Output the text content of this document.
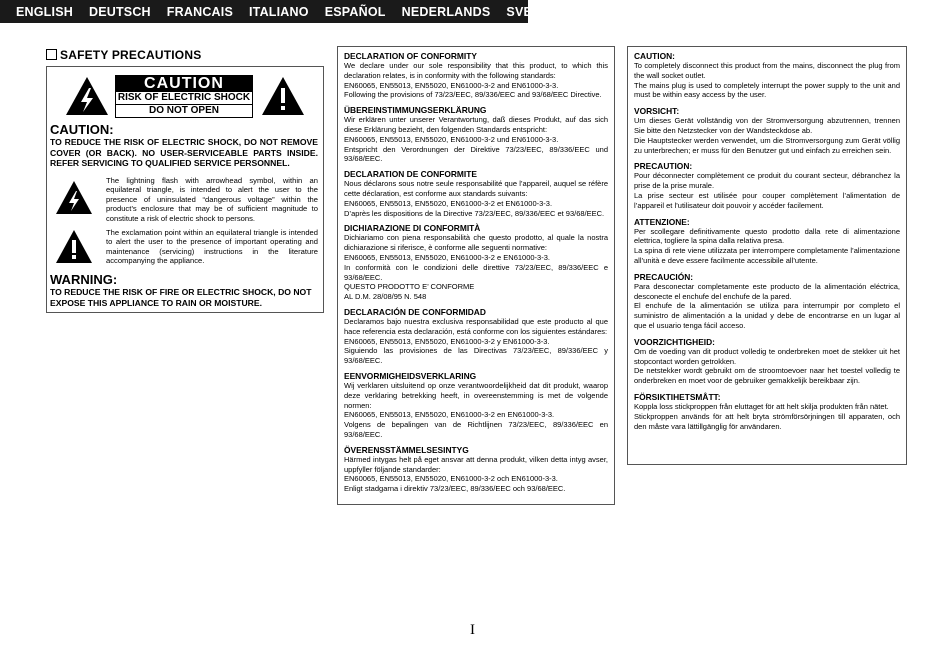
ENGLISH DEUTSCH FRANCAIS ITALIANO ESPAÑOL NEDERLANDS SVENSKA
SAFETY PRECAUTIONS
CAUTION
RISK OF ELECTRIC SHOCK
DO NOT OPEN
CAUTION:
TO REDUCE THE RISK OF ELECTRIC SHOCK, DO NOT REMOVE COVER (OR BACK). NO USER-SERVICEABLE PARTS INSIDE. REFER SERVICING TO QUALIFIED SERVICE PERSONNEL.
The lightning flash with arrowhead symbol, within an equilateral triangle, is intended to alert the user to the presence of uninsulated “dangerous voltage” within the product’s enclosure that may be of sufficient magnitude to constitute a risk of electric shock to persons.
The exclamation point within an equilateral triangle is intended to alert the user to the presence of important operating and maintenance (servicing) instructions in the literature accompanying the appliance.
WARNING:
TO REDUCE THE RISK OF FIRE OR ELECTRIC SHOCK, DO NOT EXPOSE THIS APPLIANCE TO RAIN OR MOISTURE.

DECLARATION OF CONFORMITY

We declare under our sole responsibility that this product, to which this declaration relates, is in conformity with the following standards:

EN60065, EN55013, EN55020, EN61000-3-2 and EN61000-3-3.

Following the provisions of 73/23/EEC, 89/336/EEC and 93/68/EEC Directive.

ÜBEREINSTIMMUNGSERKLÄRUNG

Wir erklären unter unserer Verantwortung, daß dieses Produkt, auf das sich diese Erklärung bezieht, den folgenden Standards entspricht:

EN60065, EN55013, EN55020, EN61000-3-2 und EN61000-3-3.

Entspricht den Verordnungen der Direktive 73/23/EEC, 89/336/EEC und 93/68/EEC.

DECLARATION DE CONFORMITE

Nous déclarons sous notre seule responsabilité que l’appareil, auquel se réfère cette déclaration, est conforme aux standards suivants:

EN60065, EN55013, EN55020, EN61000-3-2 et EN61000-3-3.

D’après les dispositions de la Directive 73/23/EEC, 89/336/EEC et 93/68/EEC.

DICHIARAZIONE DI CONFORMITÀ

Dichiariamo con piena responsabilità che questo prodotto, al quale la nostra dichiarazione si riferisce, è conforme alle seguenti normative:

EN60065, EN55013, EN55020, EN61000-3-2 e EN61000-3-3.

In conformità con le condizioni delle direttive 73/23/EEC, 89/336/EEC e 93/68/EEC.

QUESTO PRODOTTO E’ CONFORME

AL D.M. 28/08/95 N. 548

DECLARACIÓN DE CONFORMIDAD

Declaramos bajo nuestra exclusiva responsabilidad que este producto al que hace referencia esta declaración, está conforme con los siguientes estándares:

EN60065, EN55013, EN55020, EN61000-3-2 y EN61000-3-3.

Siguiendo las provisiones de las Directivas 73/23/EEC, 89/336/EEC y 93/68/EEC.

EENVORMIGHEIDSVERKLARING

Wij verklaren uitsluitend op onze verantwoordelijkheid dat dit produkt, waarop deze verklaring betrekking heeft, in overeenstemming is met de volgende normen:

EN60065, EN55013, EN55020, EN61000-3-2 en EN61000-3-3.

Volgens de bepalingen van de Richtlijnen 73/23/EEC, 89/336/EEC en 93/68/EEC.

ÖVERENSSTÄMMELSESINTYG

Härmed intygas helt på eget ansvar att denna produkt, vilken detta intyg avser, uppfyller följande standarder:

EN60065, EN55013, EN55020, EN61000-3-2 och EN61000-3-3.

Enligt stadgarna i direktiv 73/23/EEC, 89/336/EEC och 93/68/EEC.

CAUTION:

To completely disconnect this product from the mains, disconnect the plug from the wall socket outlet.

The mains plug is used to completely interrupt the power supply to the unit and must be within easy access by the user.

VORSICHT:

Um dieses Gerät vollständig von der Stromversorgung abzutrennen, trennen Sie bitte den Netzstecker von der Wandsteckdose ab.

Die Hauptstecker werden verwendet, um die Stromversorgung zum Gerät völlig zu unterbrechen; er muss für den Benutzer gut und einfach zu erreichen sein.

PRECAUTION:

Pour déconnecter complètement ce produit du courant secteur, débranchez la prise de la prise murale.

La prise secteur est utilisée pour couper complètement l’alimentation de l’appareil et l’utilisateur doit pouvoir y accéder facilement.

ATTENZIONE:

Per scollegare definitivamente questo prodotto dalla rete di alimentazione elettrica, togliere la spina dalla relativa presa.

La spina di rete viene utilizzata per interrompere completamente l’alimentazione all’unità e deve essere facilmente accessibile all’utente.

PRECAUCIÓN:

Para desconectar completamente este producto de la alimentación eléctrica, desconecte el enchufe del enchufe de la pared.

El enchufe de la alimentación se utiliza para interrumpir por completo el suministro de alimentación a la unidad y debe de encontrarse en un lugar al que el usuario tenga fácil acceso.

VOORZICHTIGHEID:

Om de voeding van dit product volledig te onderbreken moet de stekker uit het stopcontact worden getrokken.

De netstekker wordt gebruikt om de stroomtoevoer naar het toestel volledig te onderbreken en moet voor de gebruiker gemakkelijk bereikbaar zijn.

FÖRSIKTIHETSMÅTT:

Koppla loss stickproppen från eluttaget för att helt skilja produkten från nätet.

Stickproppen används för att helt bryta strömförsörjningen till apparaten, och den måste vara lättillgänglig för användaren.

I
